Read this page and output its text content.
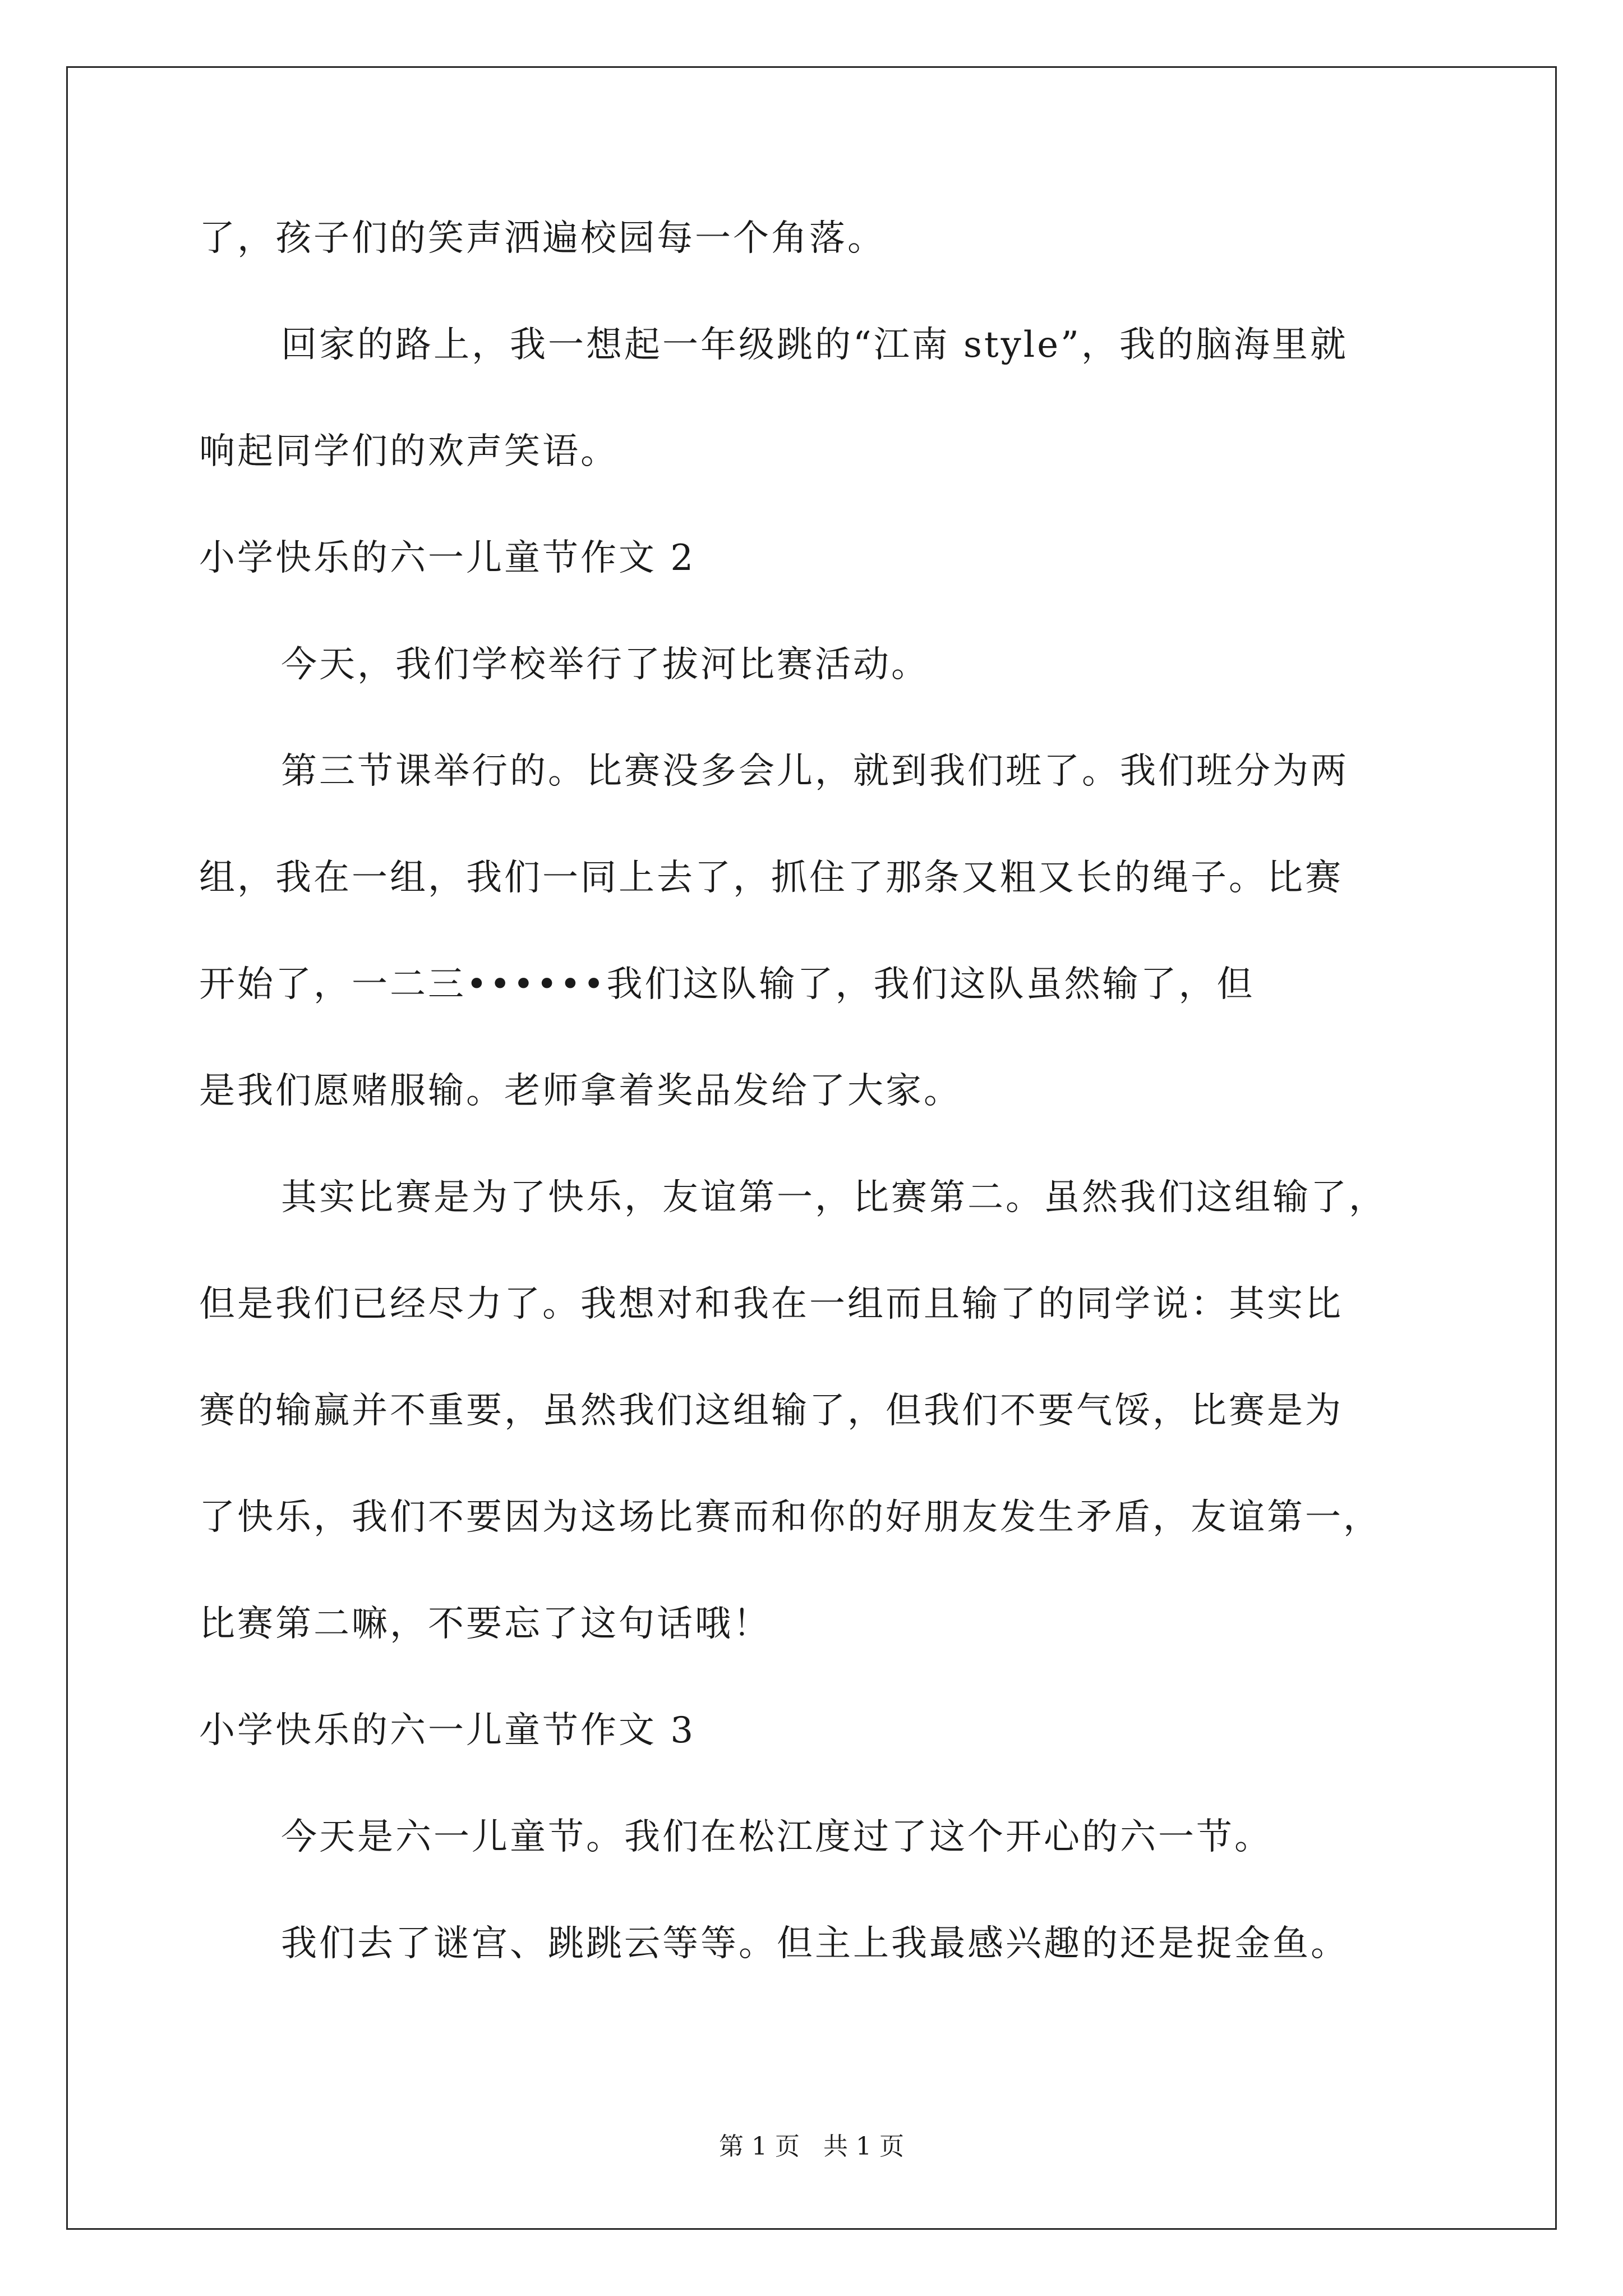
了，孩子们的笑声洒遍校园每一个角落。
回家的路上，我一想起一年级跳的“江南 style”，我的脑海里就
响起同学们的欢声笑语。
小学快乐的六一儿童节作文 2
今天，我们学校举行了拔河比赛活动。
第三节课举行的。比赛没多会儿，就到我们班了。我们班分为两
组，我在一组，我们一同上去了，抓住了那条又粗又长的绳子。比赛
开始了，一二三••••••我们这队输了，我们这队虽然输了，但
是我们愿赌服输。老师拿着奖品发给了大家。
其实比赛是为了快乐，友谊第一，比赛第二。虽然我们这组输了，
但是我们已经尽力了。我想对和我在一组而且输了的同学说：其实比
赛的输赢并不重要，虽然我们这组输了，但我们不要气馁，比赛是为
了快乐，我们不要因为这场比赛而和你的好朋友发生矛盾，友谊第一，
比赛第二嘛，不要忘了这句话哦！
小学快乐的六一儿童节作文 3
今天是六一儿童节。我们在松江度过了这个开心的六一节。
我们去了谜宫、跳跳云等等。但主上我最感兴趣的还是捉金鱼。
第 1 页   共 1 页
